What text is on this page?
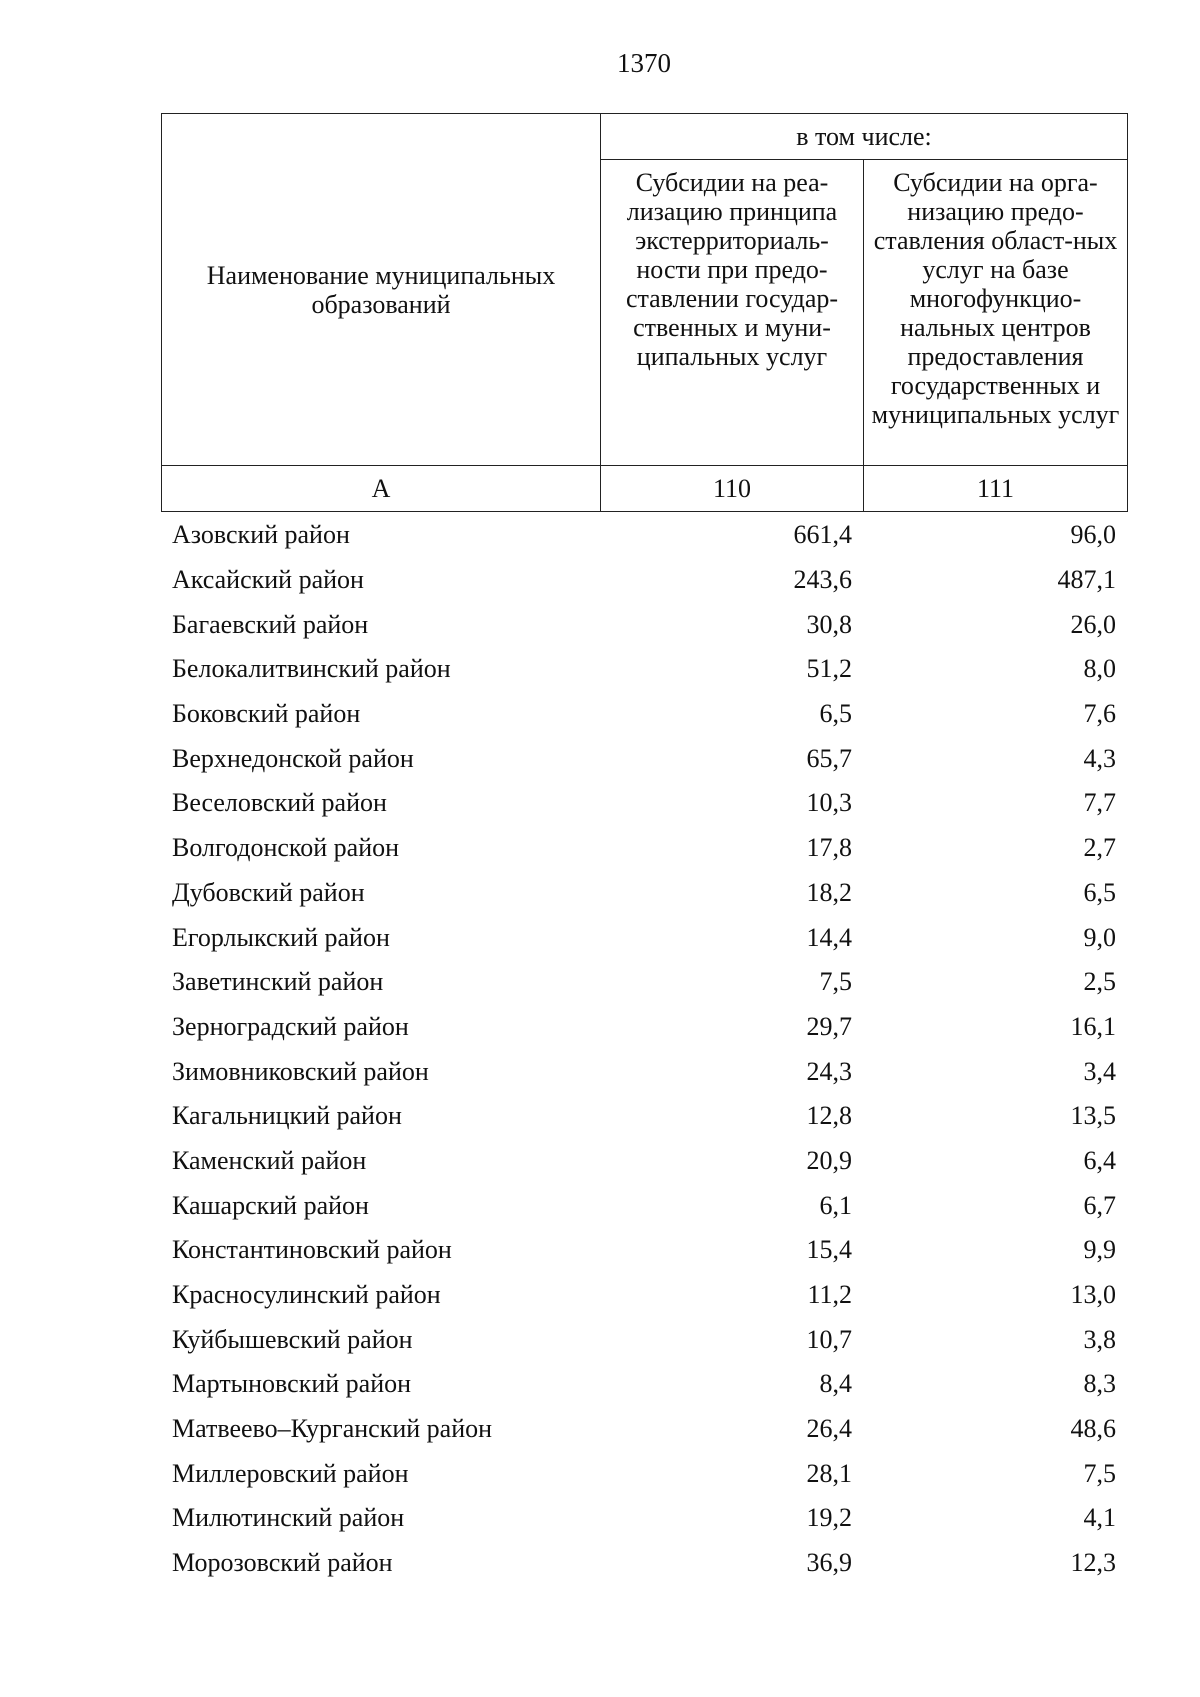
1370
Наименование муниципальных образований	в том числе:	

	Субсидии на реа-лизацию принципа экстерриториаль-ности при предо-ставлении государ-ственных и муни-ципальных услуг	Субсидии на орга-низацию предо-ставления област-ных услуг на базе многофункцио-нальных центров предоставления государственных и муниципальных услуг

А	110	111
Азовский район	661,4	96,0
Аксайский район	243,6	487,1
Багаевский район	30,8	26,0
Белокалитвинский район	51,2	8,0
Боковский район	6,5	7,6
Верхнедонской район	65,7	4,3
Веселовский район	10,3	7,7
Волгодонской район	17,8	2,7
Дубовский район	18,2	6,5
Егорлыкский район	14,4	9,0
Заветинский район	7,5	2,5
Зерноградский район	29,7	16,1
Зимовниковский район	24,3	3,4
Кагальницкий район	12,8	13,5
Каменский район	20,9	6,4
Кашарский район	6,1	6,7
Константиновский район	15,4	9,9
Красносулинский район	11,2	13,0
Куйбышевский район	10,7	3,8
Мартыновский район	8,4	8,3
Матвеево–Курганский район	26,4	48,6
Миллеровский район	28,1	7,5
Милютинский район	19,2	4,1
Морозовский район	36,9	12,3
